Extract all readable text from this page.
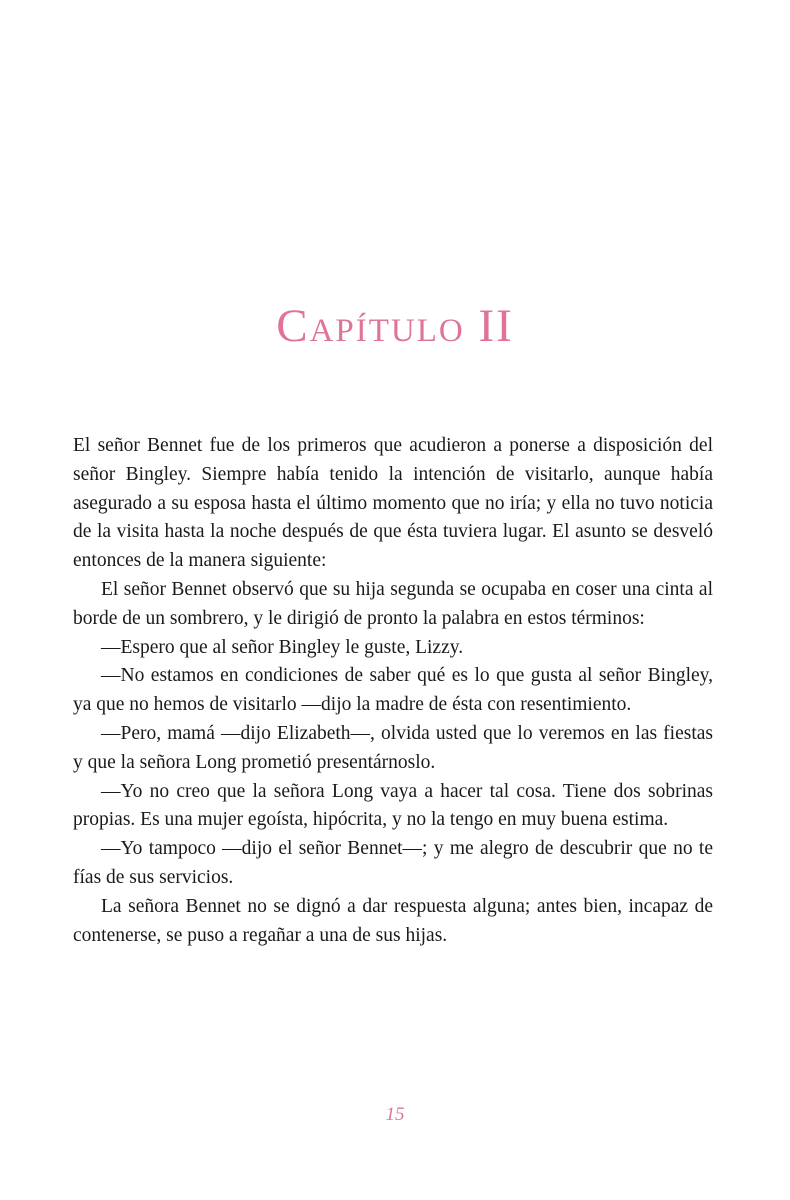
Capítulo II

El señor Bennet fue de los primeros que acudieron a ponerse a disposición del señor Bingley. Siempre había tenido la intención de visitarlo, aunque había asegurado a su esposa hasta el último momento que no iría; y ella no tuvo noticia de la visita hasta la noche después de que ésta tuviera lugar. El asunto se desveló entonces de la manera siguiente:

El señor Bennet observó que su hija segunda se ocupaba en coser una cinta al borde de un sombrero, y le dirigió de pronto la palabra en estos términos:

—Espero que al señor Bingley le guste, Lizzy.

—No estamos en condiciones de saber qué es lo que gusta al señor Bingley, ya que no hemos de visitarlo —dijo la madre de ésta con resentimiento.

—Pero, mamá —dijo Elizabeth—, olvida usted que lo veremos en las fiestas y que la señora Long prometió presentárnoslo.

—Yo no creo que la señora Long vaya a hacer tal cosa. Tiene dos sobrinas propias. Es una mujer egoísta, hipócrita, y no la tengo en muy buena estima.

—Yo tampoco —dijo el señor Bennet—; y me alegro de descubrir que no te fías de sus servicios.

La señora Bennet no se dignó a dar respuesta alguna; antes bien, incapaz de contenerse, se puso a regañar a una de sus hijas.

15
